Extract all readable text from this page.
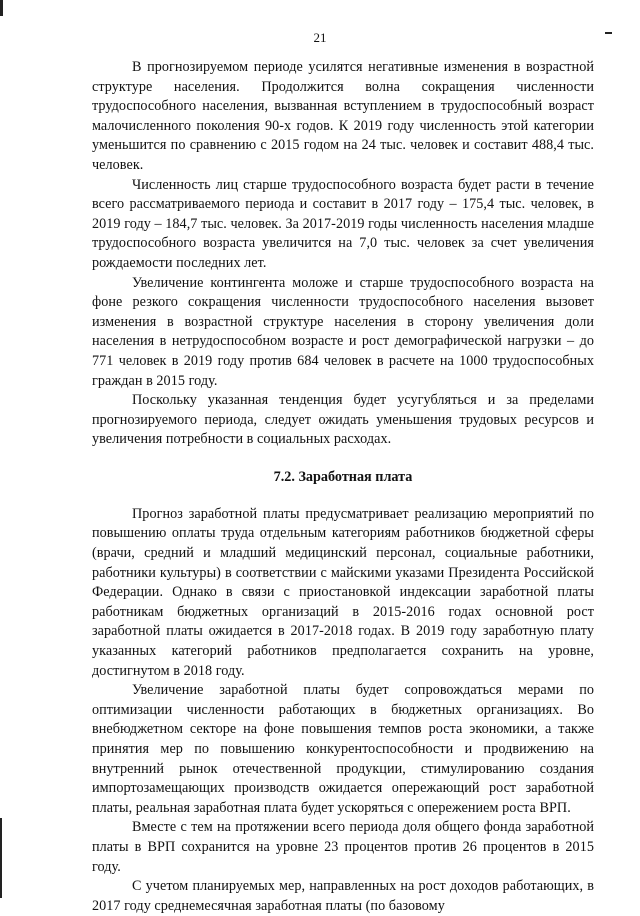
21

В прогнозируемом периоде усилятся негативные изменения в возрастной структуре населения. Продолжится волна сокращения численности трудоспособного населения, вызванная вступлением в трудоспособный возраст малочисленного поколения 90-х годов. К 2019 году численность этой категории уменьшится по сравнению с 2015 годом на 24 тыс. человек и составит 488,4 тыс. человек.

Численность лиц старше трудоспособного возраста будет расти в течение всего рассматриваемого периода и составит в 2017 году – 175,4 тыс. человек, в 2019 году – 184,7 тыс. человек. За 2017-2019 годы численность населения младше трудоспособного возраста увеличится на 7,0 тыс. человек за счет увеличения рождаемости последних лет.

Увеличение контингента моложе и старше трудоспособного возраста на фоне резкого сокращения численности трудоспособного населения вызовет изменения в возрастной структуре населения в сторону увеличения доли населения в нетрудоспособном возрасте и рост демографической нагрузки – до 771 человек в 2019 году против 684 человек в расчете на 1000 трудоспособных граждан в 2015 году.

Поскольку указанная тенденция будет усугубляться и за пределами прогнозируемого периода, следует ожидать уменьшения трудовых ресурсов и увеличения потребности в социальных расходах.

7.2. Заработная плата

Прогноз заработной платы предусматривает реализацию мероприятий по повышению оплаты труда отдельным категориям работников бюджетной сферы (врачи, средний и младший медицинский персонал, социальные работники, работники культуры) в соответствии с майскими указами Президента Российской Федерации. Однако в связи с приостановкой индексации заработной платы работникам бюджетных организаций в 2015-2016 годах основной рост заработной платы ожидается в 2017-2018 годах. В 2019 году заработную плату указанных категорий работников предполагается сохранить на уровне, достигнутом в 2018 году.

Увеличение заработной платы будет сопровождаться мерами по оптимизации численности работающих в бюджетных организациях. Во внебюджетном секторе на фоне повышения темпов роста экономики, а также принятия мер по повышению конкурентоспособности и продвижению на внутренний рынок отечественной продукции, стимулированию создания импортозамещающих производств ожидается опережающий рост заработной платы, реальная заработная плата будет ускоряться с опережением роста ВРП.

Вместе с тем на протяжении всего периода доля общего фонда заработной платы в ВРП сохранится на уровне 23 процентов против 26 процентов в 2015 году.

С учетом планируемых мер, направленных на рост доходов работающих, в 2017 году среднемесячная заработная платы (по базовому
